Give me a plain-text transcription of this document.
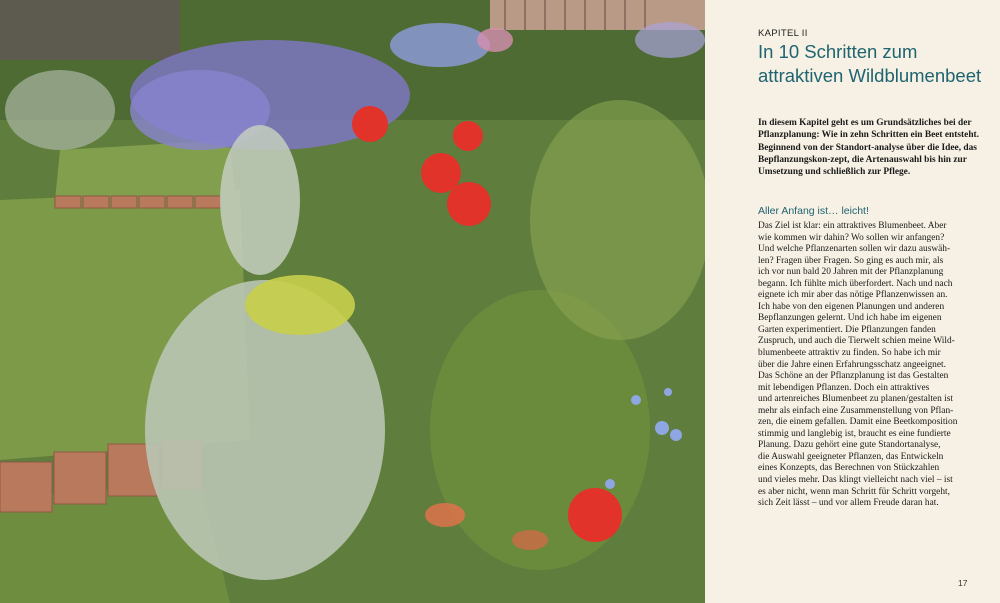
KAPITEL II
In 10 Schritten zum attraktiven Wildblumenbeet

In diesem Kapitel geht es um Grundsätzliches bei der Pflanzplanung: Wie in zehn Schritten ein Beet entsteht. Beginnend von der Standort-analyse über die Idee, das Bepflanzungskon-zept, die Artenauswahl bis hin zur Umsetzung und schließlich zur Pflege.

Aller Anfang ist… leicht!

Das Ziel ist klar: ein attraktives Blumenbeet. Aber
wie kommen wir dahin? Wo sollen wir anfangen?
Und welche Pflanzenarten sollen wir dazu auswäh-
len? Fragen über Fragen. So ging es auch mir, als
ich vor nun bald 20 Jahren mit der Pflanzplanung
begann. Ich fühlte mich überfordert. Nach und nach
eignete ich mir aber das nötige Pflanzenwissen an.
Ich habe von den eigenen Planungen und anderen
Bepflanzungen gelernt. Und ich habe im eigenen
Garten experimentiert. Die Pflanzungen fanden
Zuspruch, und auch die Tierwelt schien meine Wild-
blumenbeete attraktiv zu finden. So habe ich mir
über die Jahre einen Erfahrungsschatz angeeignet.
Das Schöne an der Pflanzplanung ist das Gestalten
mit lebendigen Pflanzen. Doch ein attraktives
und artenreiches Blumenbeet zu planen/gestalten ist
mehr als einfach eine Zusammenstellung von Pflan-
zen, die einem gefallen. Damit eine Beetkomposition
stimmig und langlebig ist, braucht es eine fundierte
Planung. Dazu gehört eine gute Standortanalyse,
die Auswahl geeigneter Pflanzen, das Entwickeln
eines Konzepts, das Berechnen von Stückzahlen
und vieles mehr. Das klingt vielleicht nach viel – ist
es aber nicht, wenn man Schritt für Schritt vorgeht,
sich Zeit lässt – und vor allem Freude daran hat.

17
